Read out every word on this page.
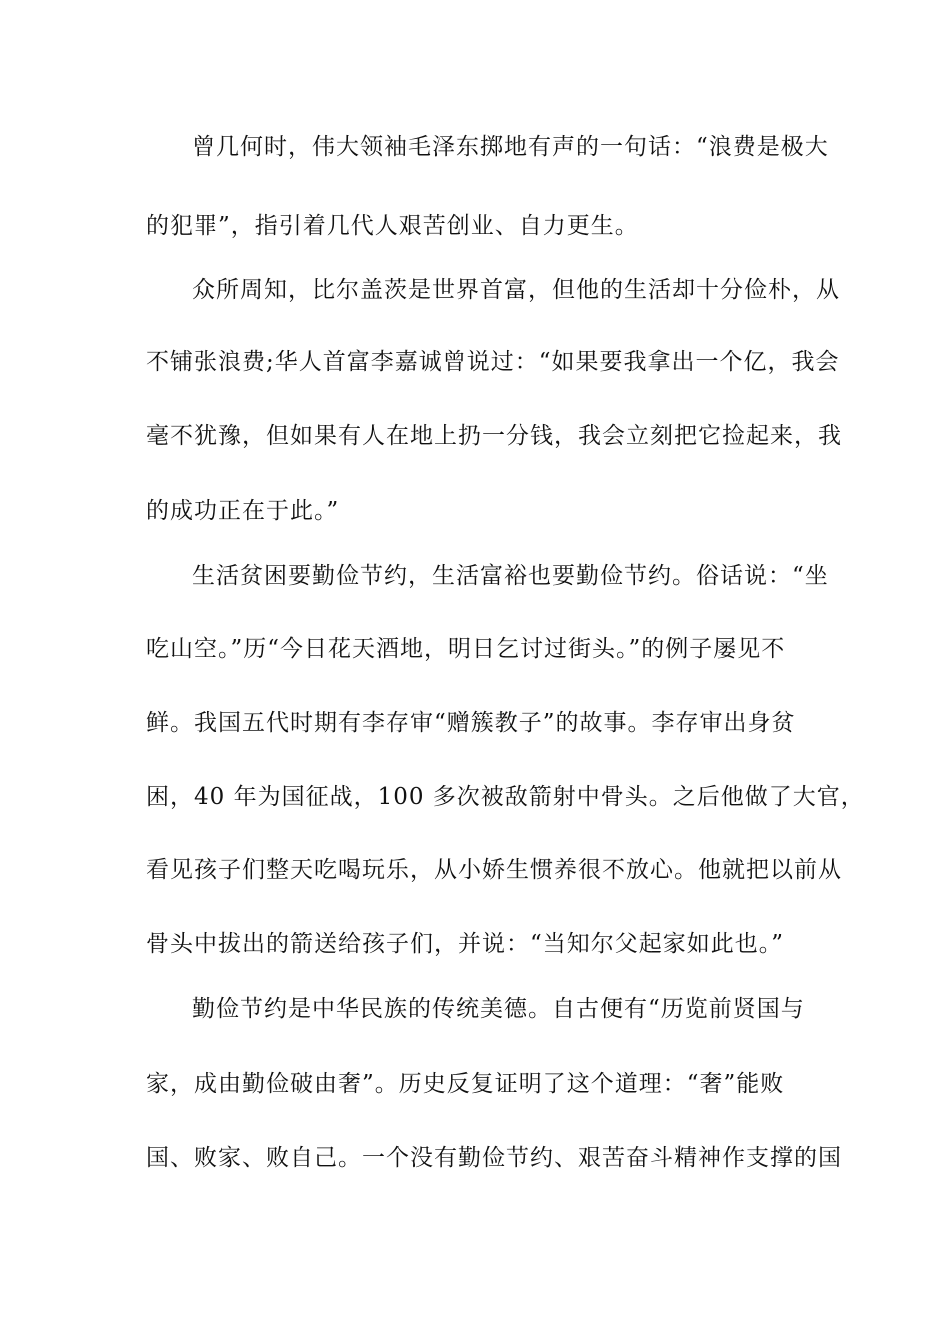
曾几何时，伟大领袖毛泽东掷地有声的一句话：“浪费是极大
的犯罪”，指引着几代人艰苦创业、自力更生。
众所周知，比尔盖茨是世界首富，但他的生活却十分俭朴，从
不铺张浪费;华人首富李嘉诚曾说过：“如果要我拿出一个亿，我会
毫不犹豫，但如果有人在地上扔一分钱，我会立刻把它捡起来，我
的成功正在于此。”
生活贫困要勤俭节约，生活富裕也要勤俭节约。俗话说：“坐
吃山空。”历“今日花天酒地，明日乞讨过街头。”的例子屡见不
鲜。我国五代时期有李存审“赠簇教子”的故事。李存审出身贫
困，40 年为国征战，100 多次被敌箭射中骨头。之后他做了大官，
看见孩子们整天吃喝玩乐，从小娇生惯养很不放心。他就把以前从
骨头中拔出的箭送给孩子们，并说：“当知尔父起家如此也。”
勤俭节约是中华民族的传统美德。自古便有“历览前贤国与
家，成由勤俭破由奢”。历史反复证明了这个道理：“奢”能败
国、败家、败自己。一个没有勤俭节约、艰苦奋斗精神作支撑的国
